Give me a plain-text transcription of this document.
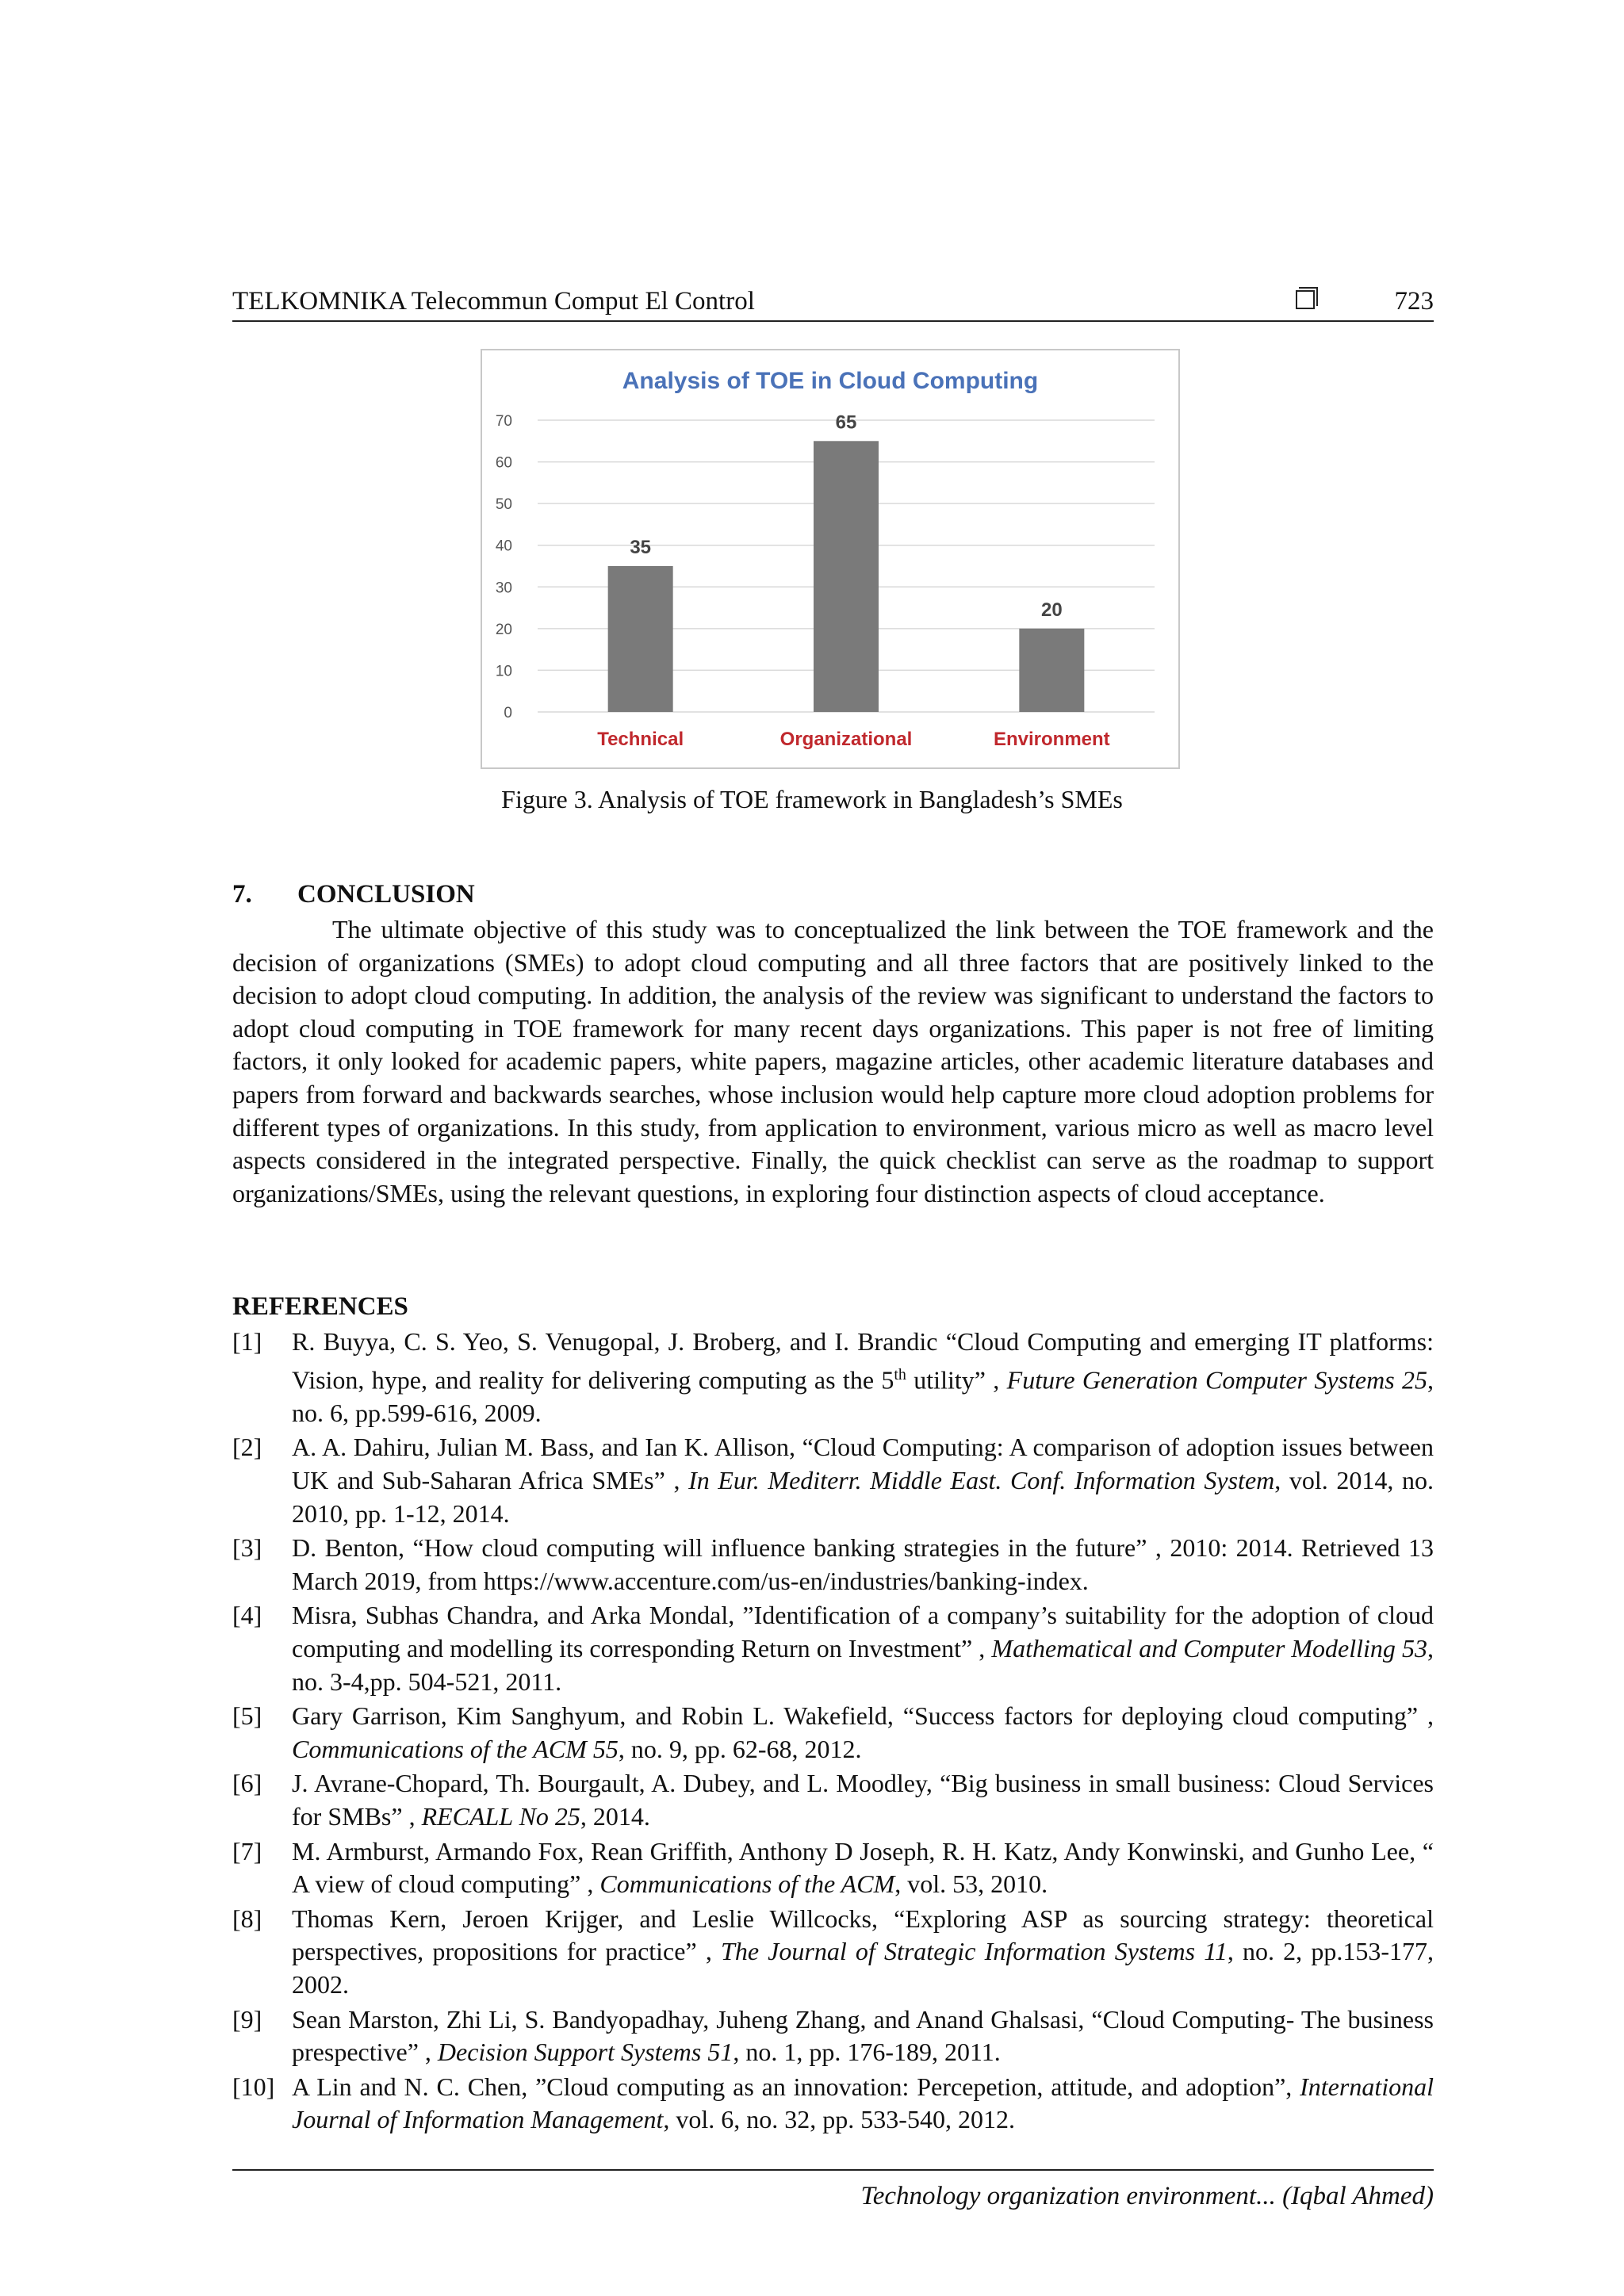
TELKOMNIKA Telecommun Comput El Control	723
Analysis of TOE in Cloud Computing
0
10
20
30
40
50
60
70
35
Technical
65
Organizational
20
Environment
Figure 3. Analysis of TOE framework in Bangladesh’s SMEs
7. CONCLUSION

The ultimate objective of this study was to conceptualized the link between the TOE framework and the decision of organizations (SMEs) to adopt cloud computing and all three factors that are positively linked to the decision to adopt cloud computing. In addition, the analysis of the review was significant to understand the factors to adopt cloud computing in TOE framework for many recent days organizations. This paper is not free of limiting factors, it only looked for academic papers, white papers, magazine articles, other academic literature databases and papers from forward and backwards searches, whose inclusion would help capture more cloud adoption problems for different types of organizations. In this study, from application to environment, various micro as well as macro level aspects considered in the integrated perspective. Finally, the quick checklist can serve as the roadmap to support organizations/SMEs, using the relevant questions, in exploring four distinction aspects of cloud acceptance.

REFERENCES
[1]	R. Buyya, C. S. Yeo, S. Venugopal, J. Broberg, and I. Brandic “Cloud Computing and emerging IT platforms: Vision, hype, and reality for delivering computing as the 5th utility” , Future Generation Computer Systems 25, no. 6, pp.599-616, 2009.
[2]	A. A. Dahiru, Julian M. Bass, and Ian K. Allison, “Cloud Computing: A comparison of adoption issues between UK and Sub-Saharan Africa SMEs” , In Eur. Mediterr. Middle East. Conf. Information System, vol. 2014, no. 2010, pp. 1-12, 2014.
[3]	D. Benton, “How cloud computing will influence banking strategies in the future” , 2010: 2014. Retrieved 13 March 2019, from https://www.accenture.com/us-en/industries/banking-index.
[4]	Misra, Subhas Chandra, and Arka Mondal, ”Identification of a company’s suitability for the adoption of cloud computing and modelling its corresponding Return on Investment” , Mathematical and Computer Modelling 53, no. 3-4,pp. 504-521, 2011.
[5]	Gary Garrison, Kim Sanghyum, and Robin L. Wakefield, “Success factors for deploying cloud computing” , Communications of the ACM 55, no. 9, pp. 62-68, 2012.
[6]	J. Avrane-Chopard, Th. Bourgault, A. Dubey, and L. Moodley, “Big business in small business: Cloud Services for SMBs” , RECALL No 25, 2014.
[7]	M. Armburst, Armando Fox, Rean Griffith, Anthony D Joseph, R. H. Katz, Andy Konwinski, and Gunho Lee, “ A view of cloud computing” , Communications of the ACM, vol. 53, 2010.
[8]	Thomas Kern, Jeroen Krijger, and Leslie Willcocks, “Exploring ASP as sourcing strategy: theoretical perspectives, propositions for practice” , The Journal of Strategic Information Systems 11, no. 2, pp.153-177, 2002.
[9]	Sean Marston, Zhi Li, S. Bandyopadhay, Juheng Zhang, and Anand Ghalsasi, “Cloud Computing- The business prespective” , Decision Support Systems 51, no. 1, pp. 176-189, 2011.
[10] A Lin and N. C. Chen, ”Cloud computing as an innovation: Percepetion, attitude, and adoption”, International Journal of Information Management, vol. 6, no. 32, pp. 533-540, 2012.
Technology organization environment... (Iqbal Ahmed)
